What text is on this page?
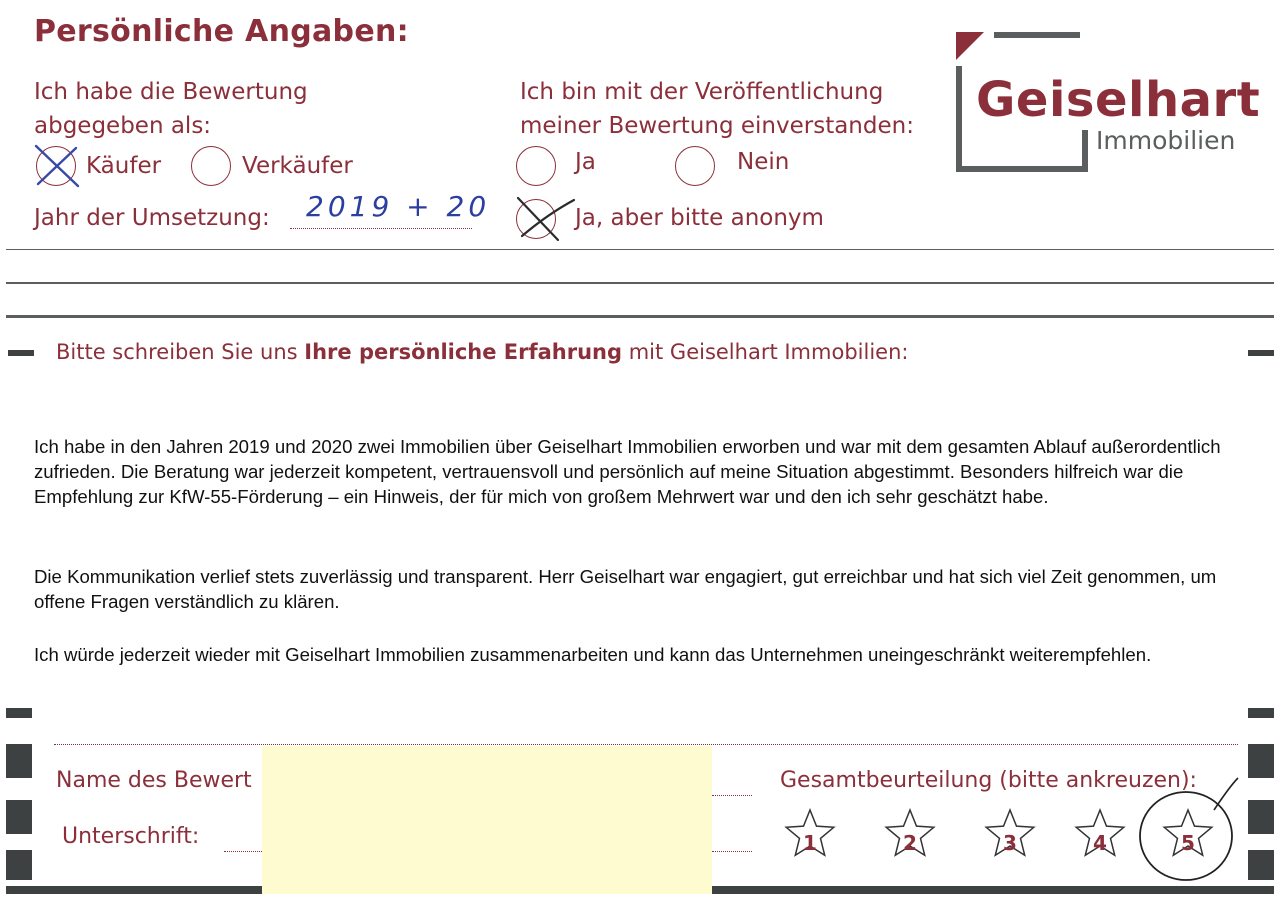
Persönliche Angaben:
Ich habe die Bewertung
abgegeben als:
Käufer	Verkäufer
Jahr der Umsetzung: 2019 + 20
Ich bin mit der Veröffentlichung
meiner Bewertung einverstanden:
Ja	Nein
Ja, aber bitte anonym
Geiselhart
Immobilien
Bitte schreiben Sie uns Ihre persönliche Erfahrung mit Geiselhart Immobilien:
Ich habe in den Jahren 2019 und 2020 zwei Immobilien über Geiselhart Immobilien erworben und war mit dem gesamten Ablauf außerordentlich zufrieden. Die Beratung war jederzeit kompetent, vertrauensvoll und persönlich auf meine Situation abgestimmt. Besonders hilfreich war die Empfehlung zur KfW-55-Förderung – ein Hinweis, der für mich von großem Mehrwert war und den ich sehr geschätzt habe.
Die Kommunikation verlief stets zuverlässig und transparent. Herr Geiselhart war engagiert, gut erreichbar und hat sich viel Zeit genommen, um offene Fragen verständlich zu klären.
Ich würde jederzeit wieder mit Geiselhart Immobilien zusammenarbeiten und kann das Unternehmen uneingeschränkt weiterempfehlen.
Name des Bewert
Unterschrift:
Gesamtbeurteilung (bitte ankreuzen):
1	2	3	4	5
